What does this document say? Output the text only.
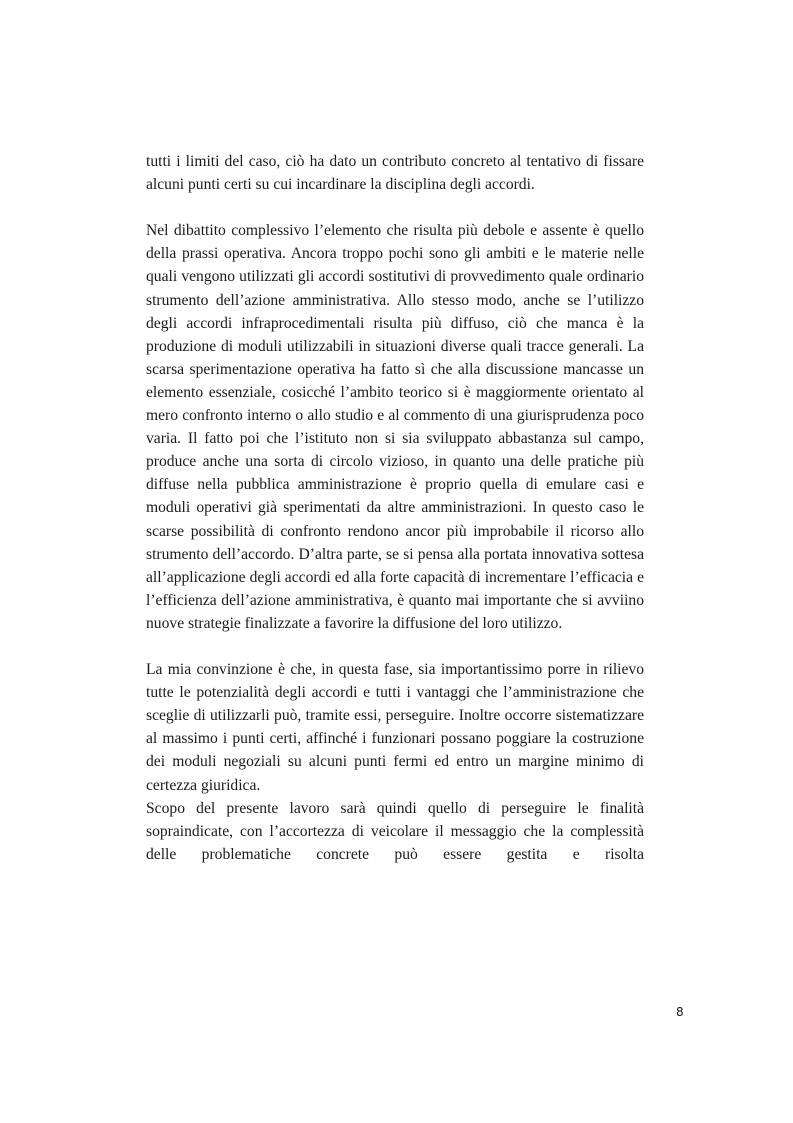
tutti i limiti del caso, ciò ha dato un contributo concreto al tentativo di fissare alcuni punti certi su cui incardinare la disciplina degli accordi.

Nel dibattito complessivo l’elemento che risulta più debole e assente è quello della prassi operativa. Ancora troppo pochi sono gli ambiti e le materie nelle quali vengono utilizzati gli accordi sostitutivi di provvedimento quale ordinario strumento dell’azione amministrativa. Allo stesso modo, anche se l’utilizzo degli accordi infraprocedimentali risulta più diffuso, ciò che manca è la produzione di moduli utilizzabili in situazioni diverse quali tracce generali. La scarsa sperimentazione operativa ha fatto sì che alla discussione mancasse un elemento essenziale, cosicché l’ambito teorico si è maggiormente orientato al mero confronto interno o allo studio e al commento di una giurisprudenza poco varia. Il fatto poi che l’istituto non si sia sviluppato abbastanza sul campo, produce anche una sorta di circolo vizioso, in quanto una delle pratiche più diffuse nella pubblica amministrazione è proprio quella di emulare casi e moduli operativi già sperimentati da altre amministrazioni. In questo caso le scarse possibilità di confronto rendono ancor più improbabile il ricorso allo strumento dell’accordo. D’altra parte, se si pensa alla portata innovativa sottesa all’applicazione degli accordi ed alla forte capacità di incrementare l’efficacia e l’efficienza dell’azione amministrativa, è quanto mai importante che si avviino nuove strategie finalizzate a favorire la diffusione del loro utilizzo.

La mia convinzione è che, in questa fase, sia importantissimo porre in rilievo tutte le potenzialità degli accordi e tutti i vantaggi che l’amministrazione che sceglie di utilizzarli può, tramite essi, perseguire. Inoltre occorre sistematizzare al massimo i punti certi, affinché i funzionari possano poggiare la costruzione dei moduli negoziali su alcuni punti fermi ed entro un margine minimo di certezza giuridica.

Scopo del presente lavoro sarà quindi quello di perseguire le finalità sopraindicate, con l’accortezza di veicolare il messaggio che la complessità delle problematiche concrete può essere gestita e risolta

8
